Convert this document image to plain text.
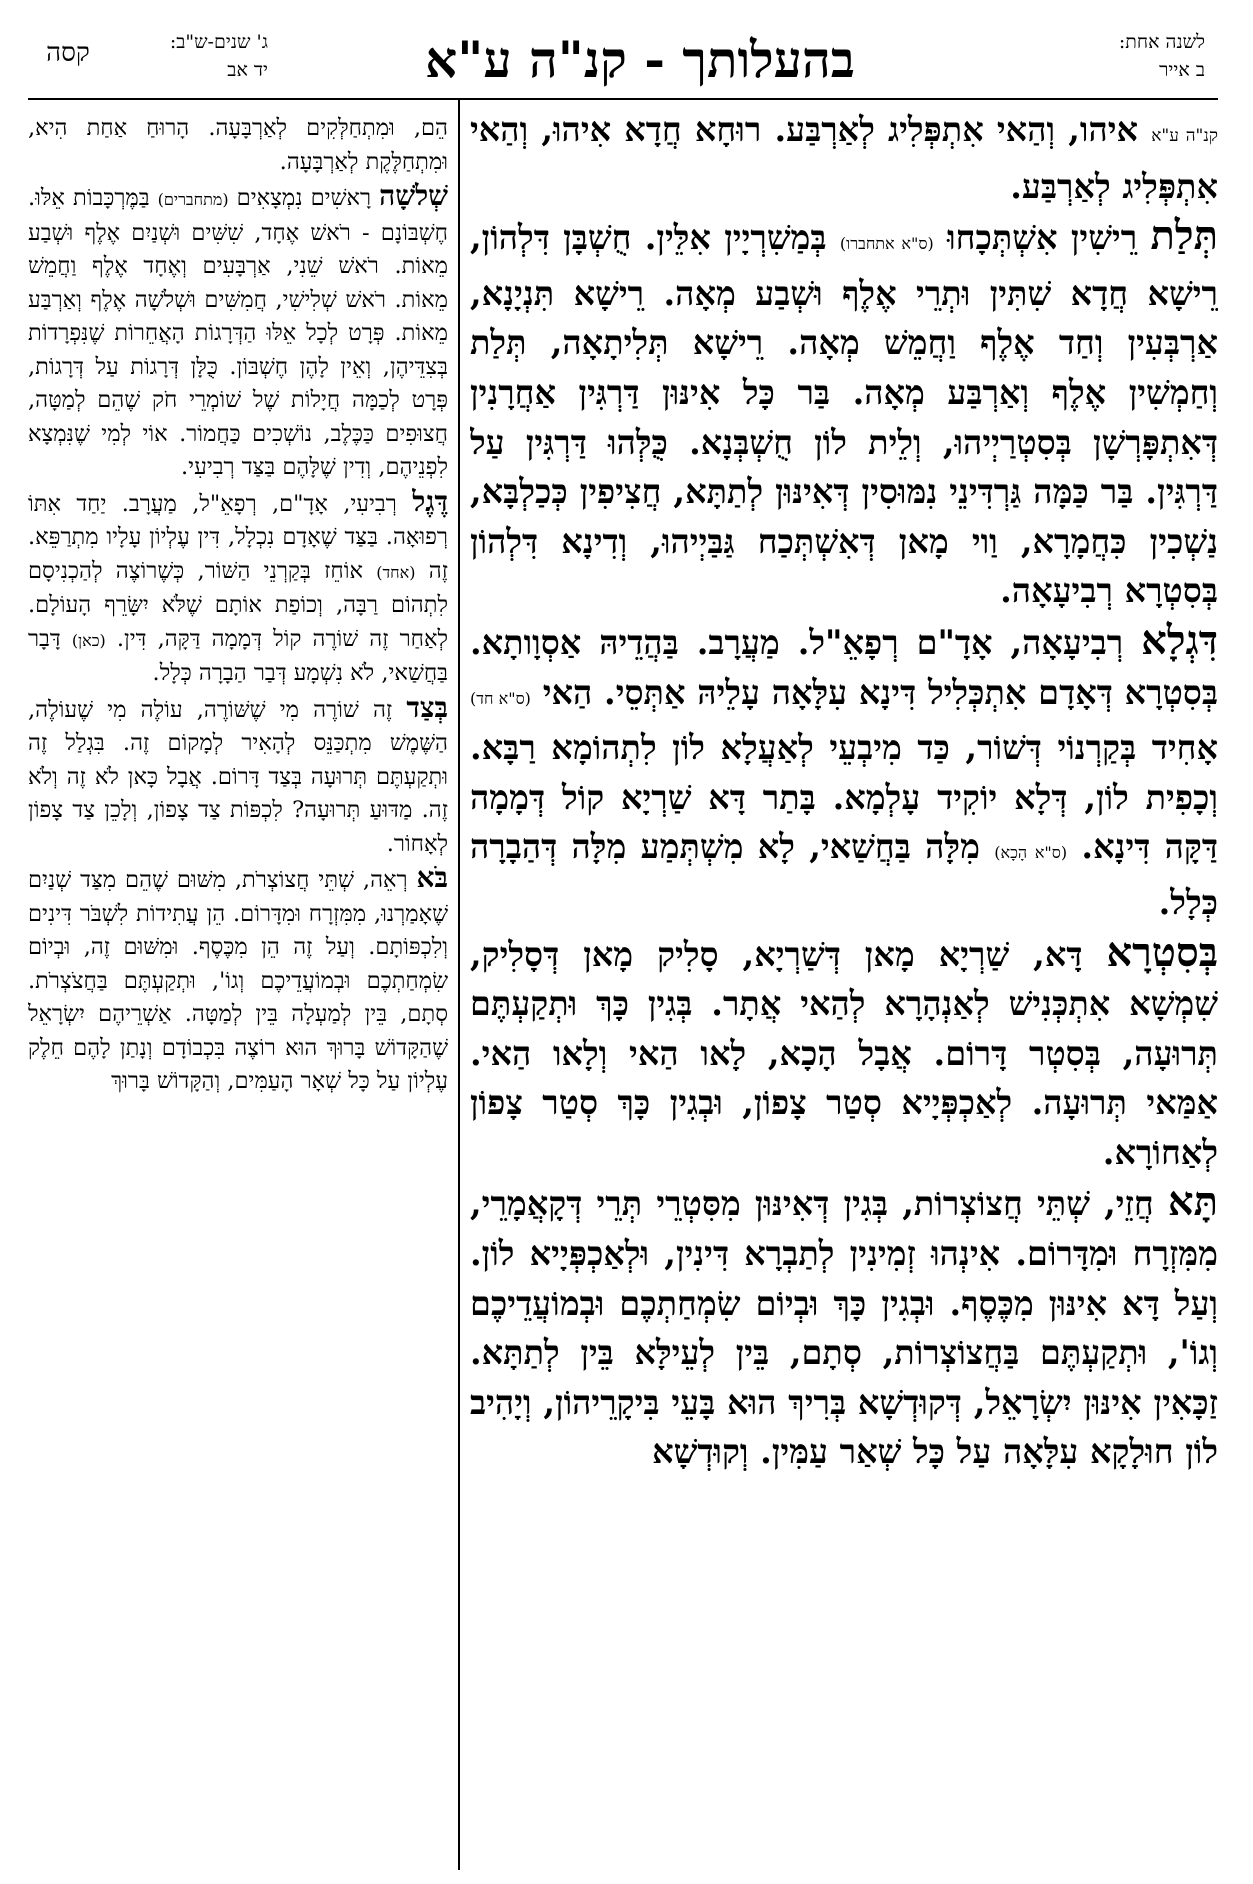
לשנה אחת:
ב אייר
בהעלותך - קנ"ה ע"א
ג' שנים-ש"ב:
יד אב
קסה

קנ"ה ע"א איהו, וְהַאי אִתְפְּלִיג לְאַרְבַּע. רוּחָא חֲדָא אִיהוּ, וְהַאי אִתְפְּלִיג לְאַרְבַּע.

תְּלַת רֵישִׁין אִשְׁתְּכָחוּ (ס"א אתחברו) בְּמַשִׁרְיָין אִלֵּין. חֻשְׁבָּן דִּלְהוֹן, רֵישָׁא חֲדָא שִׁתִּין וּתְרֵי אֶלֶף וּשְׁבַע מְאָה. רֵישָׁא תִּנְיָנָא, אַרְבְּעִין וְחַד אֶלֶף וַחֲמֵשׁ מְאָה. רֵישָׁא תְּלִיתָאָה, תְּלַת וְחַמְשִׁין אֶלֶף וְאַרְבַּע מְאָה. בַּר כָּל אִינּוּן דַּרְגִּין אַחֲרָנִין דְּאִתְפָּרְשָׁן בְּסִטְרַיְיהוּ, וְלֵית לוֹן חֻשְׁבְּנָא. כֻּלְּהוּ דַּרְגִּין עַל דַּרְגִּין. בַּר כַּמָּה גַּרְדִּינֵי נִמּוּסִין דְּאִינּוּן לְתַתָּא, חֲצִיפִין כְּכַלְבָּא, נַשְׁכִין כִּחֲמָרָא, וַוי מָאן דְּאִשְׁתְּכַח גַּבַּיְיהוּ, וְדִינָא דִּלְהוֹן בְּסִטְרָא רְבִיעָאָה.

דִּגְלָא רְבִיעָאָה, אָדָ"ם רְפָאֵ"ל. מַעֲרָב. בַּהֲדֵיהּ אַסְוָותָא. בְּסִטְרָא דְּאָדָם אִתְכְּלִיל דִּינָא עִלָּאָה עָלֵיהּ אַתְּסֵי. הַאי (ס"א חד) אָחִיד בְּקַרְנוֹי דְּשׁוֹר, כַּד מִיבְעֵי לְאַעֲלָא לוֹן לִתְהוֹמָא רַבָּא. וְכָפִית לוֹן, דְּלָא יוֹקִיד עָלְמָא. בָּתַר דָּא שַׁרְיָא קוֹל דְּמָמָה דַּקָּה דִּינָא. (ס"א הָכָא) מִלָּה בַּחֲשַׁאי, לָא מִשְׁתְּמַע מִלָּה דְּהַבָרָה כְּלָל.

בְּסִטְרָא דָּא, שַׁרְיָא מָאן דְּשַׁרְיָא, סָלִיק מָאן דְּסָלִיק, שִׁמְשָׁא אִתְכְּנִישׁ לְאַנְהָרָא לְהַאי אֲתָר. בְּגִין כָּךְ וּתְקַעְתֶּם תְּרוּעָה, בְּסִטְר דָּרוֹם. אֲבָל הָכָא, לָאו הַאי וְלָאו הַאי. אַמַּאי תְּרוּעָה. לְאַכְפְּיָיא סְטַר צָפוֹן, וּבְגִין כָּךְ סְטַר צָפוֹן לְאַחוֹרָא.

תָּא חֲזֵי, שְׁתֵּי חֲצוֹצְרוֹת, בְּגִין דְּאִינּוּן מִסִּטְרֵי תְּרֵי דְּקָאֲמָרֵי, מִמִּזְרָח וּמִדָּרוֹם. אִינְהוּ זְמִינִין לְתַבְרָא דִּינִין, וּלְאַכְפְּיָיא לוֹן. וְעַל דָּא אִינּוּן מִכֶּסֶף. וּבְגִין כָּךְ וּבְיוֹם שִׂמְחַתְכֶם וּבְמוֹעֲדֵיכֶם וְגוֹ', וּתְקַעְתֶּם בַּחֲצוֹצְרוֹת, סְתָם, בֵּין לְעֵילָּא בֵּין לְתַתָּא. זַכָּאִין אִינּוּן יִשְׂרָאֵל, דְּקוּדְשָׁא בְּרִיךְ הוּא בָּעֵי בִּיקָרֵיהוֹן, וְיָהִיב לוֹן חוּלָקָא עִלָּאָה עַל כָּל שְׁאַר עַמִּין. וְקוּדְשָׁא

הֵם, וּמִתְחַלְּקִים לְאַרְבָּעָה. הָרוּחַ אַחַת הִיא, וּמִתְחַלֶּקֶת לְאַרְבָּעָה.

שְׁלֹשָׁה רָאשִׁים נִמְצָאִים (מתחברים) בַּמֶּרְכָּבוֹת אֵלּוּ. חֶשְׁבּוֹנָם - רֹאשׁ אֶחָד, שִׁשִּׁים וּשְׁנַיִם אֶלֶף וּשְׁבַע מֵאוֹת. רֹאשׁ שֵׁנִי, אַרְבָּעִים וְאֶחָד אֶלֶף וַחֲמֵשׁ מֵאוֹת. רֹאשׁ שְׁלִישִׁי, חֲמִשִּׁים וּשְׁלֹשָׁה אֶלֶף וְאַרְבַּע מֵאוֹת. פְּרָט לְכָל אֵלּוּ הַדְּרָגוֹת הָאֲחֵרוֹת שֶׁנִּפְרָדוֹת בְּצִדֵּיהֶן, וְאֵין לָהֶן חֶשְׁבּוֹן. כֻּלָּן דְּרָגוֹת עַל דְּרָגוֹת, פְּרָט לְכַמָּה חֲיָלוֹת שֶׁל שׁוֹמְרֵי חֹק שֶׁהֵם לְמַטָּה, חֲצוּפִים כַּכֶּלֶב, נוֹשְׁכִים כַּחֲמוֹר. אוֹי לְמִי שֶׁנִּמְצָא לִפְנֵיהֶם, וְדִין שֶׁלָּהֶם בַּצַּד רְבִיעִי.

דֶּגֶל רְבִיעִי, אָדָ"ם, רְפָאֵ"ל, מַעֲרָב. יַחַד אִתּוֹ רְפוּאָה. בַּצַּד שֶׁאָדָם נִכְלָל, דִּין עֶלְיוֹן עָלָיו מִתְרַפֵּא. זֶה (אחד) אוֹחֵז בְּקַרְנֵי הַשּׁוֹר, כְּשֶׁרוֹצֶה לְהַכְנִיסָם לִתְהוֹם רַבָּה, וְכוֹפַת אוֹתָם שֶׁלֹּא יִשָּׂרֵף הָעוֹלָם. לְאַחַר זֶה שׁוֹרֶה קוֹל דְּמָמָה דַּקָּה, דִּין. (כאן) דָּבָר בַּחֲשַׁאי, לֹא נִשְׁמָע דְּבַר הַבָרָה כְּלָל.

בְּצַד זֶה שׁוֹרֶה מִי שֶׁשּׁוֹרֶה, עוֹלֶה מִי שֶׁעוֹלֶה, הַשֶּׁמֶשׁ מִתְכַּנֵּס לְהָאִיר לְמָקוֹם זֶה. בִּגְלַל זֶה וּתְקַעְתֶּם תְּרוּעָה בְּצַד דָּרוֹם. אֲבָל כָּאן לֹא זֶה וְלֹא זֶה. מַדּוּעַ תְּרוּעָה? לִכְפּוֹת צַד צָפוֹן, וְלָכֵן צַד צָפוֹן לְאָחוֹר.

בֹּא רְאֵה, שְׁתֵּי חֲצוֹצְרֹת, מִשּׁוּם שֶׁהֵם מִצַּד שְׁנַיִם שֶׁאָמַרְנוּ, מִמִּזְרָח וּמִדָּרוֹם. הֵן עֲתִידוֹת לִשְׁבֹּר דִּינִים וְלִכְפּוֹתָם. וְעַל זֶה הֵן מִכֶּסֶף. וּמִשּׁוּם זֶה, וּבְיוֹם שִׂמְחַתְכֶם וּבְמוֹעֲדֵיכֶם וְגוֹ', וּתְקַעְתֶּם בַּחֲצֹצְרֹת. סְתָם, בֵּין לְמַעְלָה בֵּין לְמַטָּה. אַשְׁרֵיהֶם יִשְׂרָאֵל שֶׁהַקָּדוֹשׁ בָּרוּךְ הוּא רוֹצֶה בִּכְבוֹדָם וְנָתַן לָהֶם חֵלֶק עֶלְיוֹן עַל כָּל שְׁאָר הָעַמִּים, וְהַקָּדוֹשׁ בָּרוּךְ
